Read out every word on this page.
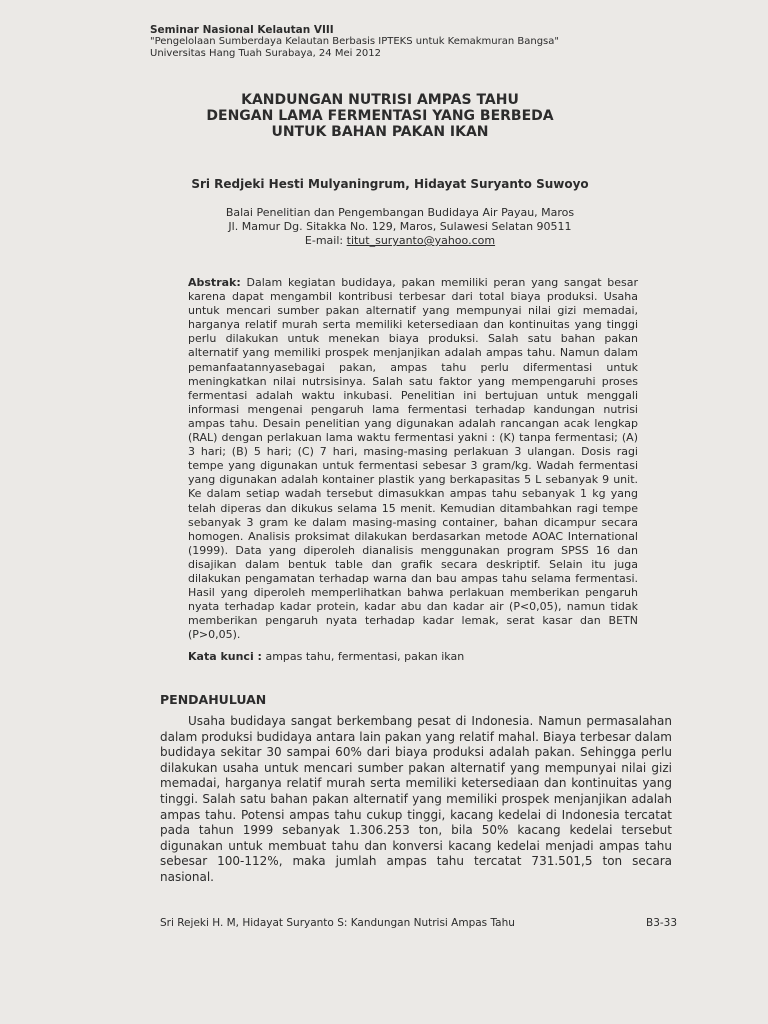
Seminar Nasional Kelautan VIII
"Pengelolaan Sumberdaya Kelautan Berbasis IPTEKS untuk Kemakmuran Bangsa"
Universitas Hang Tuah Surabaya, 24 Mei 2012
KANDUNGAN NUTRISI AMPAS TAHU
DENGAN LAMA FERMENTASI YANG BERBEDA
UNTUK BAHAN PAKAN IKAN
Sri Redjeki Hesti Mulyaningrum, Hidayat Suryanto Suwoyo
Balai Penelitian dan Pengembangan Budidaya Air Payau, Maros
Jl. Mamur Dg. Sitakka No. 129, Maros, Sulawesi Selatan 90511
E-mail: titut_suryanto@yahoo.com
Abstrak: Dalam kegiatan budidaya, pakan memiliki peran yang sangat besar karena dapat mengambil kontribusi terbesar dari total biaya produksi. Usaha untuk mencari sumber pakan alternatif yang mempunyai nilai gizi memadai, harganya relatif murah serta memiliki ketersediaan dan kontinuitas yang tinggi perlu dilakukan untuk menekan biaya produksi. Salah satu bahan pakan alternatif yang memiliki prospek menjanjikan adalah ampas tahu. Namun dalam pemanfaatannyasebagai pakan, ampas tahu perlu difermentasi untuk meningkatkan nilai nutrsisinya. Salah satu faktor yang mempengaruhi proses fermentasi adalah waktu inkubasi. Penelitian ini bertujuan untuk menggali informasi mengenai pengaruh lama fermentasi terhadap kandungan nutrisi ampas tahu. Desain penelitian yang digunakan adalah rancangan acak lengkap (RAL) dengan perlakuan lama waktu fermentasi yakni : (K) tanpa fermentasi; (A) 3 hari; (B) 5 hari; (C) 7 hari, masing-masing perlakuan 3 ulangan. Dosis ragi tempe yang digunakan untuk fermentasi sebesar 3 gram/kg. Wadah fermentasi yang digunakan adalah kontainer plastik yang berkapasitas 5 L sebanyak 9 unit. Ke dalam setiap wadah tersebut dimasukkan ampas tahu sebanyak 1 kg yang telah diperas dan dikukus selama 15 menit. Kemudian ditambahkan ragi tempe sebanyak 3 gram ke dalam masing-masing container, bahan dicampur secara homogen. Analisis proksimat dilakukan berdasarkan metode AOAC International (1999). Data yang diperoleh dianalisis menggunakan program SPSS 16 dan disajikan dalam bentuk table dan grafik secara deskriptif. Selain itu juga dilakukan pengamatan terhadap warna dan bau ampas tahu selama fermentasi. Hasil yang diperoleh memperlihatkan bahwa perlakuan memberikan pengaruh nyata terhadap kadar protein, kadar abu dan kadar air (P<0,05), namun tidak memberikan pengaruh nyata terhadap kadar lemak, serat kasar dan BETN (P>0,05).
Kata kunci : ampas tahu, fermentasi, pakan ikan
PENDAHULUAN
Usaha budidaya sangat berkembang pesat di Indonesia. Namun permasalahan dalam produksi budidaya antara lain pakan yang relatif mahal. Biaya terbesar dalam budidaya sekitar 30 sampai 60% dari biaya produksi adalah pakan. Sehingga perlu dilakukan usaha untuk mencari sumber pakan alternatif yang mempunyai nilai gizi memadai, harganya relatif murah serta memiliki ketersediaan dan kontinuitas yang tinggi. Salah satu bahan pakan alternatif yang memiliki prospek menjanjikan adalah ampas tahu. Potensi ampas tahu cukup tinggi, kacang kedelai di Indonesia tercatat pada tahun 1999 sebanyak 1.306.253 ton, bila 50% kacang kedelai tersebut digunakan untuk membuat tahu dan konversi kacang kedelai menjadi ampas tahu sebesar 100-112%, maka jumlah ampas tahu tercatat 731.501,5 ton secara nasional.
Sri Rejeki H. M, Hidayat Suryanto S: Kandungan Nutrisi Ampas Tahu	B3-33
